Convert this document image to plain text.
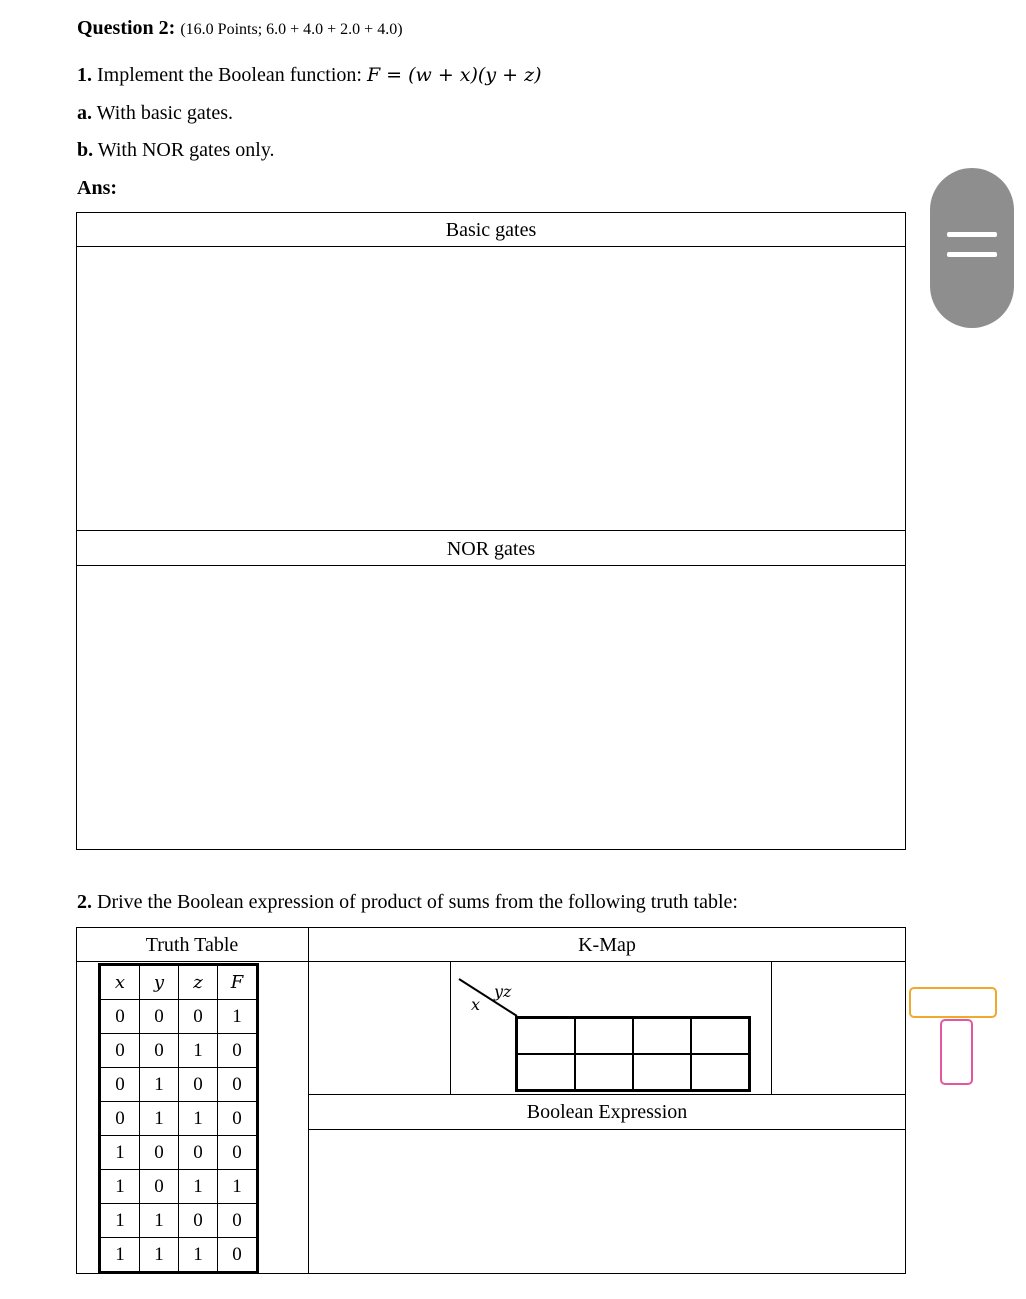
Question 2: (16.0 Points; 6.0 + 4.0 + 2.0 + 4.0)
1. Implement the Boolean function: F = (w + x)(y + z)
a. With basic gates.
b. With NOR gates only.
Ans:
Basic gates
NOR gates
2. Drive the Boolean expression of product of sums from the following truth table:
Truth Table	K-Map
Boolean Expression
yz
x

x	y	z	F
0	0	0	1
0	0	1	0
0	1	0	0
0	1	1	0
1	0	0	0
1	0	1	1
1	1	0	0
1	1	1	0
